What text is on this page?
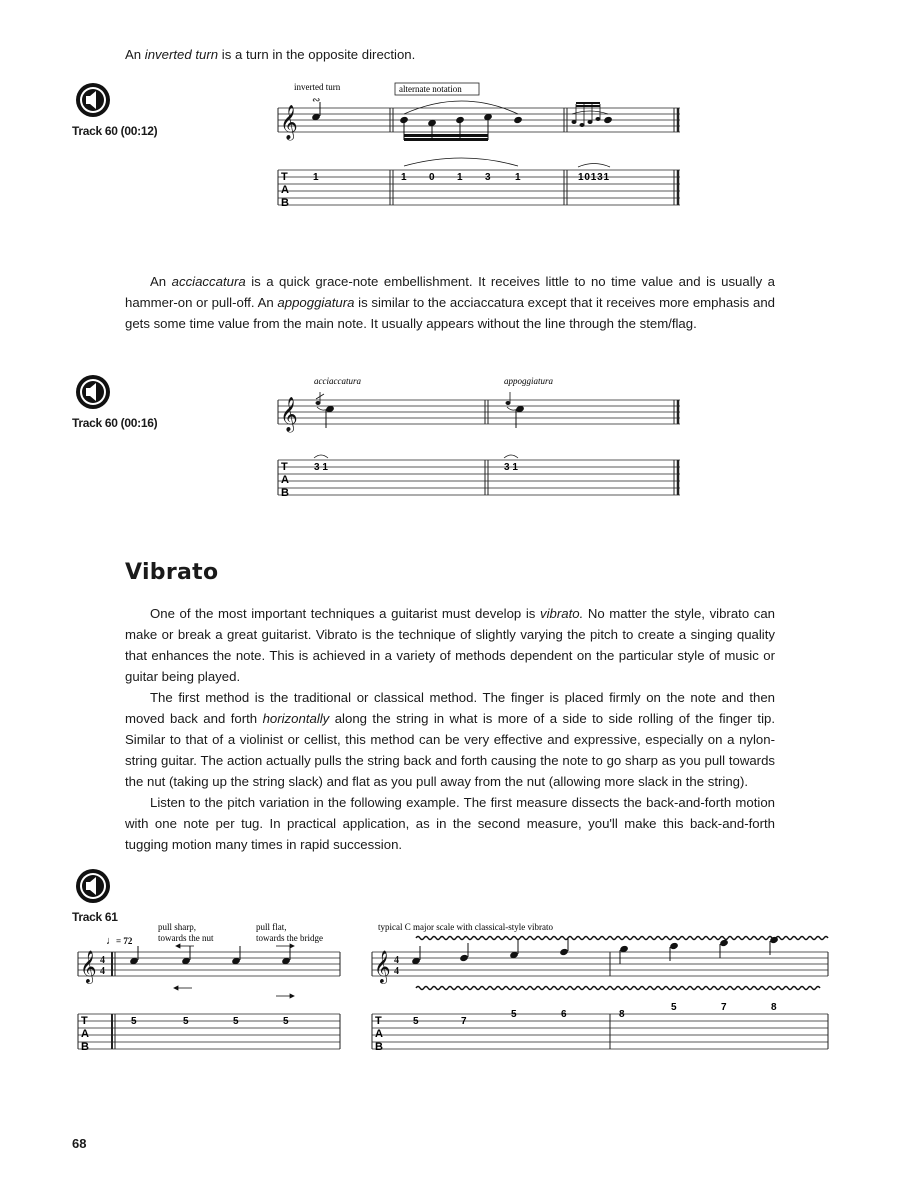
An inverted turn is a turn in the opposite direction.
Track 60 (00:12)	𝄞
inverted turn
∾
alternate notation
T
A
B
1	1 0 1 3 1	10131

An acciaccatura is a quick grace-note embellishment. It receives little to no time value and is usually a hammer-on or pull-off. An appoggiatura is similar to the acciaccatura except that it receives more emphasis and gets some time value from the main note. It usually appears without the line through the stem/flag.

Track 60 (00:16)	𝄞
acciaccatura	appoggiatura
T
A
B
3 1	3 1
Vibrato

One of the most important techniques a guitarist must develop is vibrato. No matter the style, vibrato can make or break a great guitarist. Vibrato is the technique of slightly varying the pitch to create a singing quality that enhances the note. This is achieved in a variety of methods dependent on the particular style of music or guitar being played.

The first method is the traditional or classical method. The finger is placed firmly on the note and then moved back and forth horizontally along the string in what is more of a side to side rolling of the finger tip. Similar to that of a violinist or cellist, this method can be very effective and expressive, especially on a nylon-string guitar. The action actually pulls the string back and forth causing the note to go sharp as you pull towards the nut (taking up the string slack) and flat as you pull away from the nut (allowing more slack in the string).

Listen to the pitch variation in the following example. The first measure dissects the back-and-forth motion with one note per tug. In practical application, as in the second measure, you'll make this back-and-forth tugging motion many times in rapid succession.

Track 61
♩ = 72
pull sharp,
towards the nut
pull flat,
towards the bridge
𝄞 4
4
T
A
B
5	5	5	5
typical C major scale with classical-style vibrato
𝄞 4
4
T
A
B
5	7
5	6	8
5	7	8
68
